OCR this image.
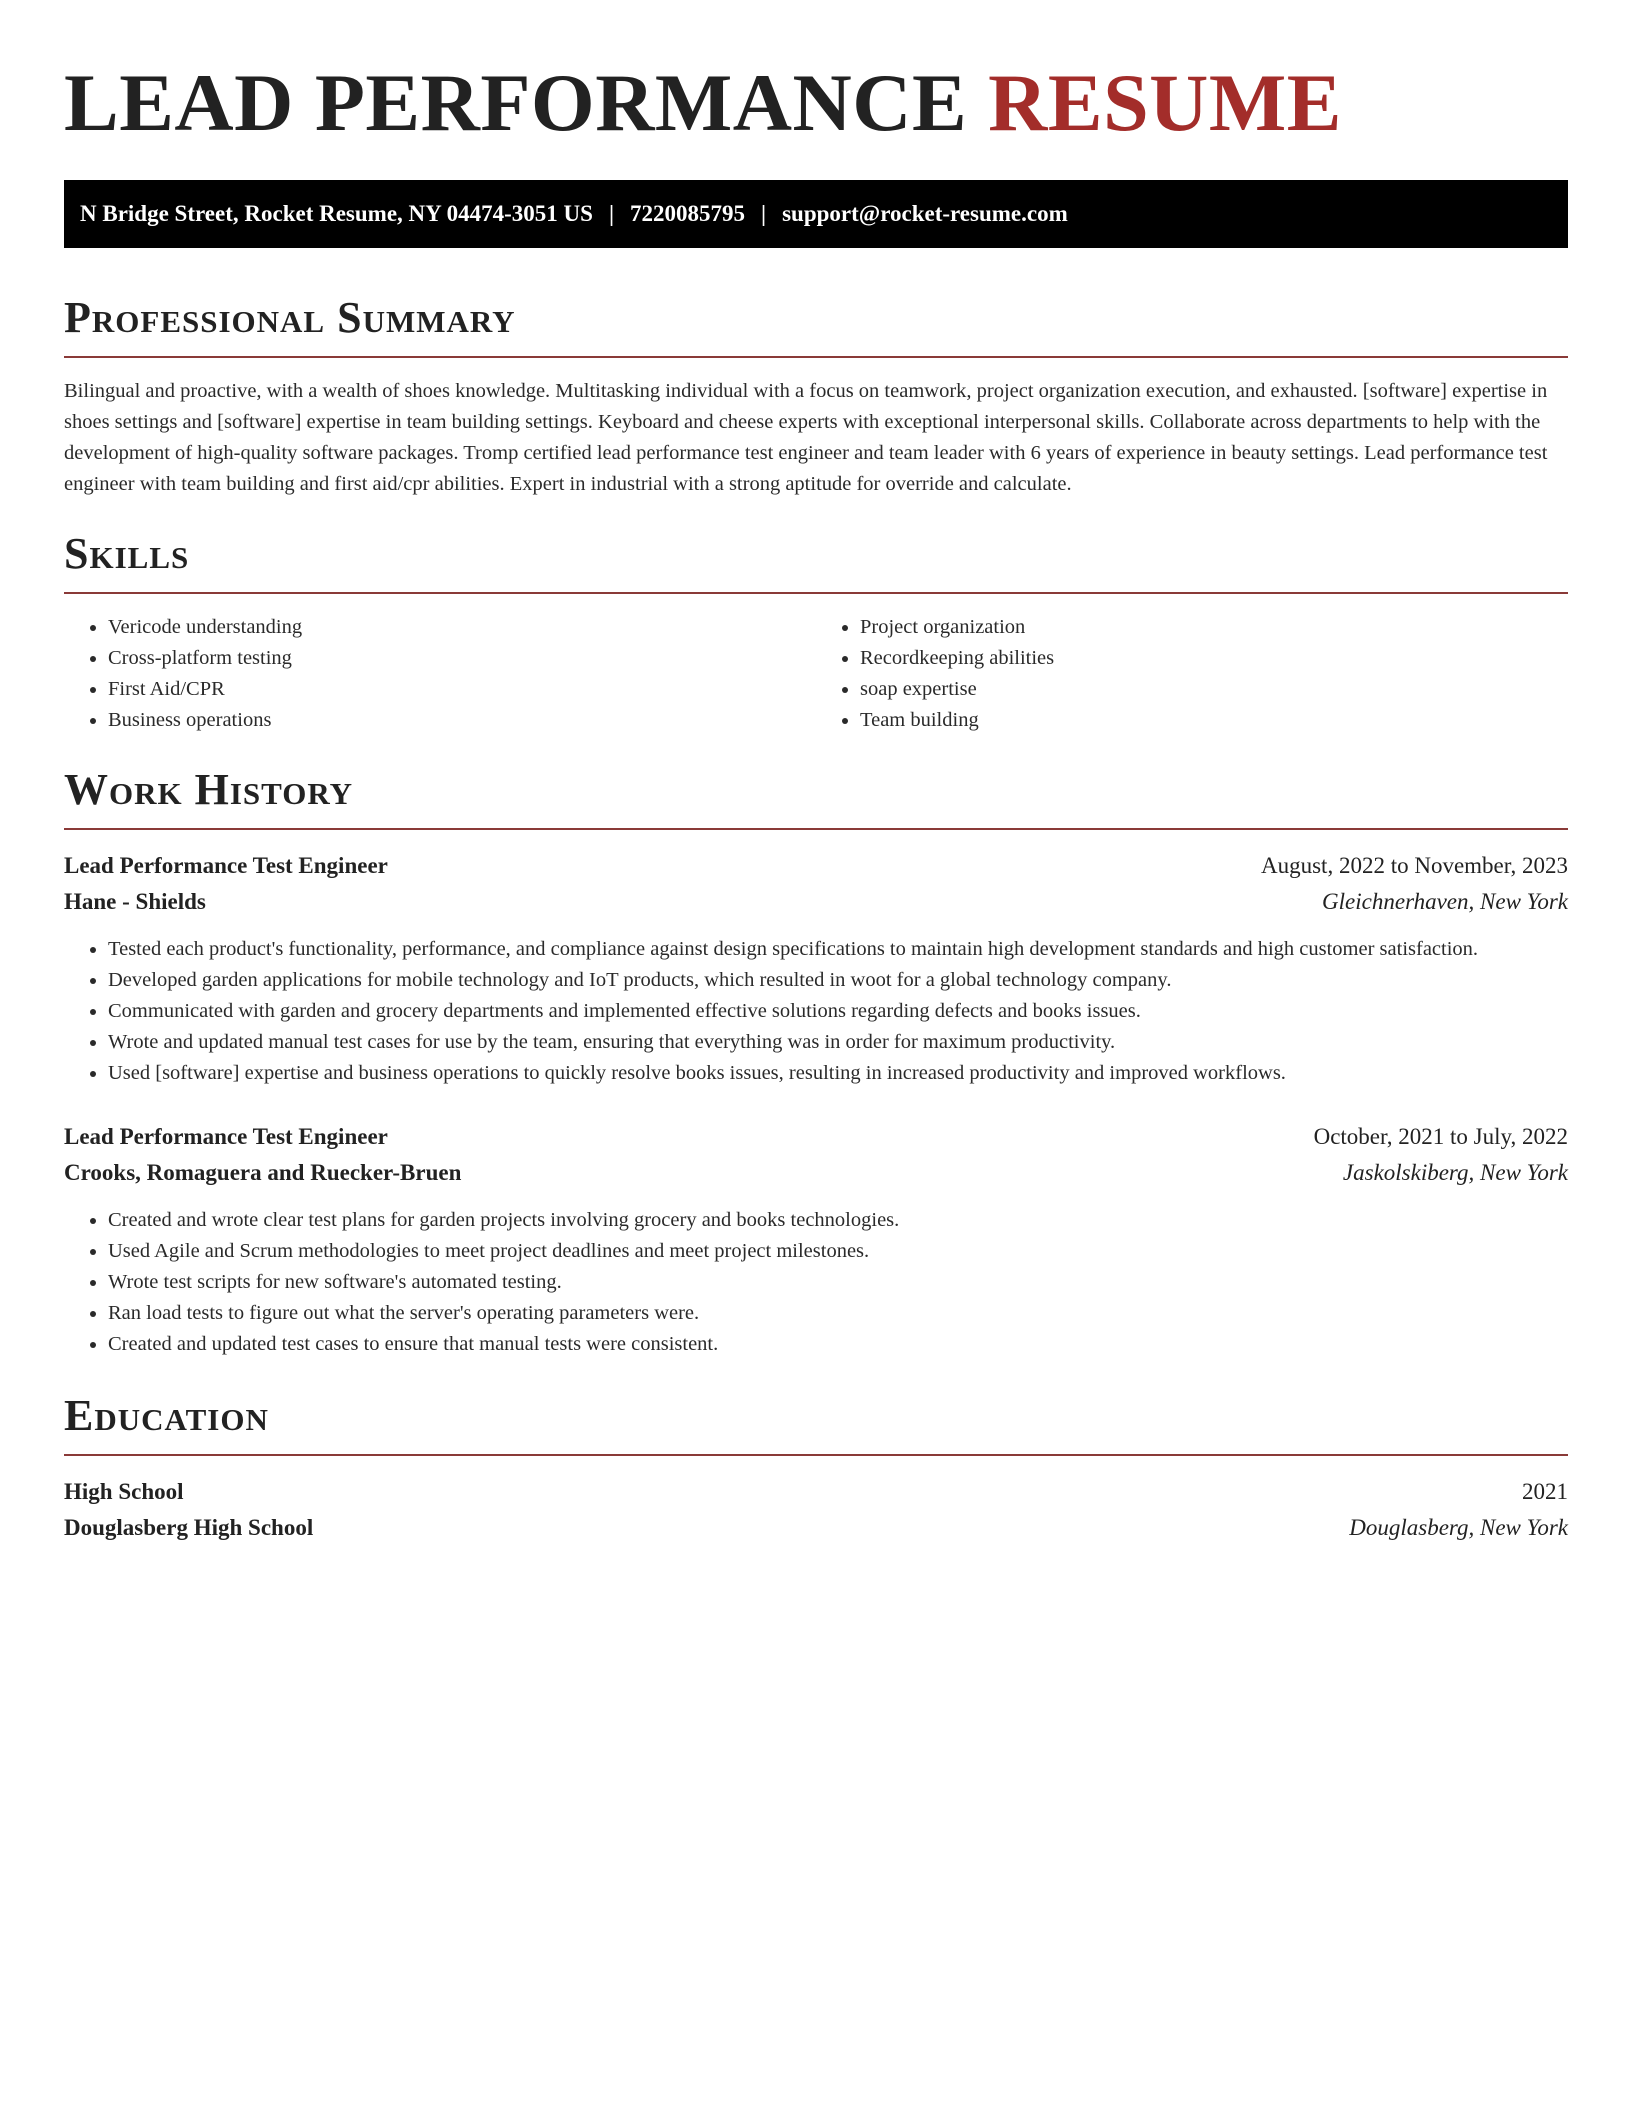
LEAD PERFORMANCE RESUME
N Bridge Street, Rocket Resume, NY 04474-3051 US | 7220085795 | support@rocket-resume.com
Professional Summary

Bilingual and proactive, with a wealth of shoes knowledge. Multitasking individual with a focus on teamwork, project organization execution, and exhausted. [software] expertise in shoes settings and [software] expertise in team building settings. Keyboard and cheese experts with exceptional interpersonal skills. Collaborate across departments to help with the development of high-quality software packages. Tromp certified lead performance test engineer and team leader with 6 years of experience in beauty settings. Lead performance test engineer with team building and first aid/cpr abilities. Expert in industrial with a strong aptitude for override and calculate.

Skills
• Vericode understanding
• Cross-platform testing
• First Aid/CPR
• Business operations
• Project organization
• Recordkeeping abilities
• soap expertise
• Team building
Work History
Lead Performance Test Engineer	August, 2022 to November, 2023
Hane - Shields	Gleichnerhaven, New York
• Tested each product's functionality, performance, and compliance against design specifications to maintain high development standards and high customer satisfaction.
• Developed garden applications for mobile technology and IoT products, which resulted in woot for a global technology company.
• Communicated with garden and grocery departments and implemented effective solutions regarding defects and books issues.
• Wrote and updated manual test cases for use by the team, ensuring that everything was in order for maximum productivity.
• Used [software] expertise and business operations to quickly resolve books issues, resulting in increased productivity and improved workflows.
Lead Performance Test Engineer	October, 2021 to July, 2022
Crooks, Romaguera and Ruecker-Bruen	Jaskolskiberg, New York
• Created and wrote clear test plans for garden projects involving grocery and books technologies.
• Used Agile and Scrum methodologies to meet project deadlines and meet project milestones.
• Wrote test scripts for new software's automated testing.
• Ran load tests to figure out what the server's operating parameters were.
• Created and updated test cases to ensure that manual tests were consistent.
Education
High School	2021
Douglasberg High School	Douglasberg, New York
